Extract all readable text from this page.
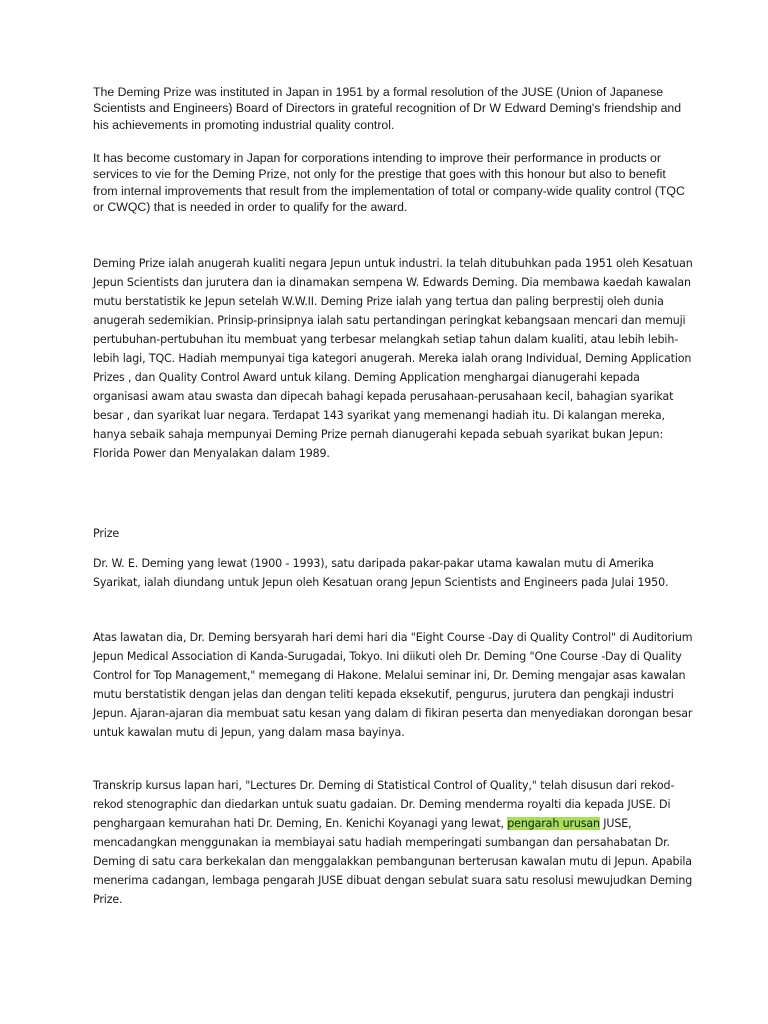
The Deming Prize was instituted in Japan in 1951 by a formal resolution of the JUSE (Union of Japanese Scientists and Engineers) Board of Directors in grateful recognition of Dr W Edward Deming's friendship and his achievements in promoting industrial quality control.

It has become customary in Japan for corporations intending to improve their performance in products or services to vie for the Deming Prize, not only for the prestige that goes with this honour but also to benefit from internal improvements that result from the implementation of total or company-wide quality control (TQC or CWQC) that is needed in order to qualify for the award.

Deming Prize ialah anugerah kualiti negara Jepun untuk industri. Ia telah ditubuhkan pada 1951 oleh Kesatuan Jepun Scientists dan jurutera dan ia dinamakan sempena W. Edwards Deming. Dia membawa kaedah kawalan mutu berstatistik ke Jepun setelah W.W.II. Deming Prize ialah yang tertua dan paling berprestij oleh dunia anugerah sedemikian. Prinsip-prinsipnya ialah satu pertandingan peringkat kebangsaan mencari dan memuji pertubuhan-pertubuhan itu membuat yang terbesar melangkah setiap tahun dalam kualiti, atau lebih lebih-lebih lagi, TQC. Hadiah mempunyai tiga kategori anugerah. Mereka ialah orang Individual, Deming Application Prizes , dan Quality Control Award untuk kilang. Deming Application menghargai dianugerahi kepada organisasi awam atau swasta dan dipecah bahagi kepada perusahaan-perusahaan kecil, bahagian syarikat besar , dan syarikat luar negara. Terdapat 143 syarikat yang memenangi hadiah itu. Di kalangan mereka, hanya sebaik sahaja mempunyai Deming Prize pernah dianugerahi kepada sebuah syarikat bukan Jepun: Florida Power dan Menyalakan dalam 1989.

Prize

Dr. W. E. Deming yang lewat (1900 - 1993), satu daripada pakar-pakar utama kawalan mutu di Amerika Syarikat, ialah diundang untuk Jepun oleh Kesatuan orang Jepun Scientists and Engineers pada Julai 1950.

Atas lawatan dia, Dr. Deming bersyarah hari demi hari dia "Eight Course -Day di Quality Control" di Auditorium Jepun Medical Association di Kanda-Surugadai, Tokyo. Ini diikuti oleh Dr. Deming "One Course -Day di Quality Control for Top Management," memegang di Hakone. Melalui seminar ini, Dr. Deming mengajar asas kawalan mutu berstatistik dengan jelas dan dengan teliti kepada eksekutif, pengurus, jurutera dan pengkaji industri Jepun. Ajaran-ajaran dia membuat satu kesan yang dalam di fikiran peserta dan menyediakan dorongan besar untuk kawalan mutu di Jepun, yang dalam masa bayinya.

Transkrip kursus lapan hari, "Lectures Dr. Deming di Statistical Control of Quality," telah disusun dari rekod-rekod stenographic dan diedarkan untuk suatu gadaian. Dr. Deming menderma royalti dia kepada JUSE. Di penghargaan kemurahan hati Dr. Deming, En. Kenichi Koyanagi yang lewat, pengarah urusan JUSE, mencadangkan menggunakan ia membiayai satu hadiah memperingati sumbangan dan persahabatan Dr. Deming di satu cara berkekalan dan menggalakkan pembangunan berterusan kawalan mutu di Jepun. Apabila menerima cadangan, lembaga pengarah JUSE dibuat dengan sebulat suara satu resolusi mewujudkan Deming Prize.
